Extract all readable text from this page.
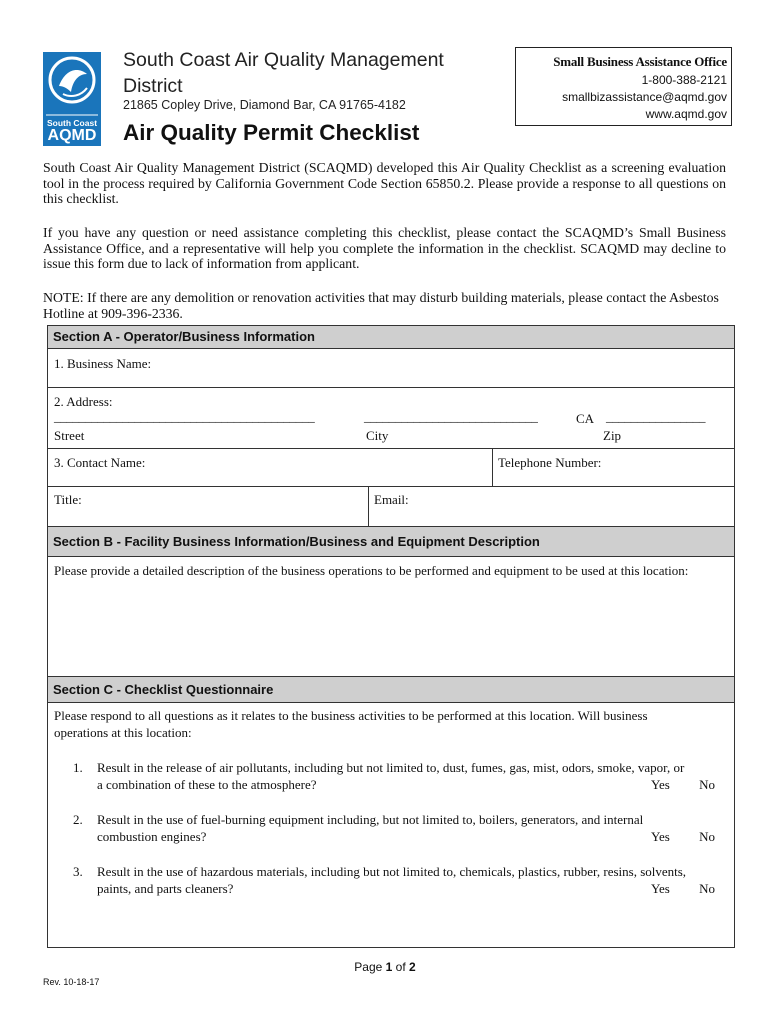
South Coast
AQMD
South Coast Air Quality Management District
21865 Copley Drive, Diamond Bar, CA 91765-4182
Air Quality Permit Checklist
Small Business Assistance Office
1-800-388-2121
smallbizassistance@aqmd.gov
www.aqmd.gov
South Coast Air Quality Management District (SCAQMD) developed this Air Quality Checklist as a screening evaluation tool in the process required by California Government Code Section 65850.2. Please provide a response to all questions on this checklist.
If you have any question or need assistance completing this checklist, please contact the SCAQMD’s Small Business Assistance Office, and a representative will help you complete the information in the checklist. SCAQMD may decline to issue this form due to lack of information from applicant.
NOTE: If there are any demolition or renovation activities that may disturb building materials, please contact the Asbestos Hotline at 909-396-2336.
Section A - Operator/Business Information
1. Business Name:
2. Address:
__________________________________________	____________________________	CA ________________
Street	City	Zip
3. Contact Name:	Telephone Number:
Title:	Email:
Section B - Facility Business Information/Business and Equipment Description
Please provide a detailed description of the business operations to be performed and equipment to be used at this location:
Section C - Checklist Questionnaire
Please respond to all questions as it relates to the business activities to be performed at this location. Will business operations at this location:
1. Result in the release of air pollutants, including but not limited to, dust, fumes, gas, mist, odors, smoke, vapor, or
a combination of these to the atmosphere?	Yes No
2. Result in the use of fuel-burning equipment including, but not limited to, boilers, generators, and internal
combustion engines?	Yes No
3. Result in the use of hazardous materials, including but not limited to, chemicals, plastics, rubber, resins, solvents,
paints, and parts cleaners?	Yes No
Page 1 of 2
Rev. 10-18-17
